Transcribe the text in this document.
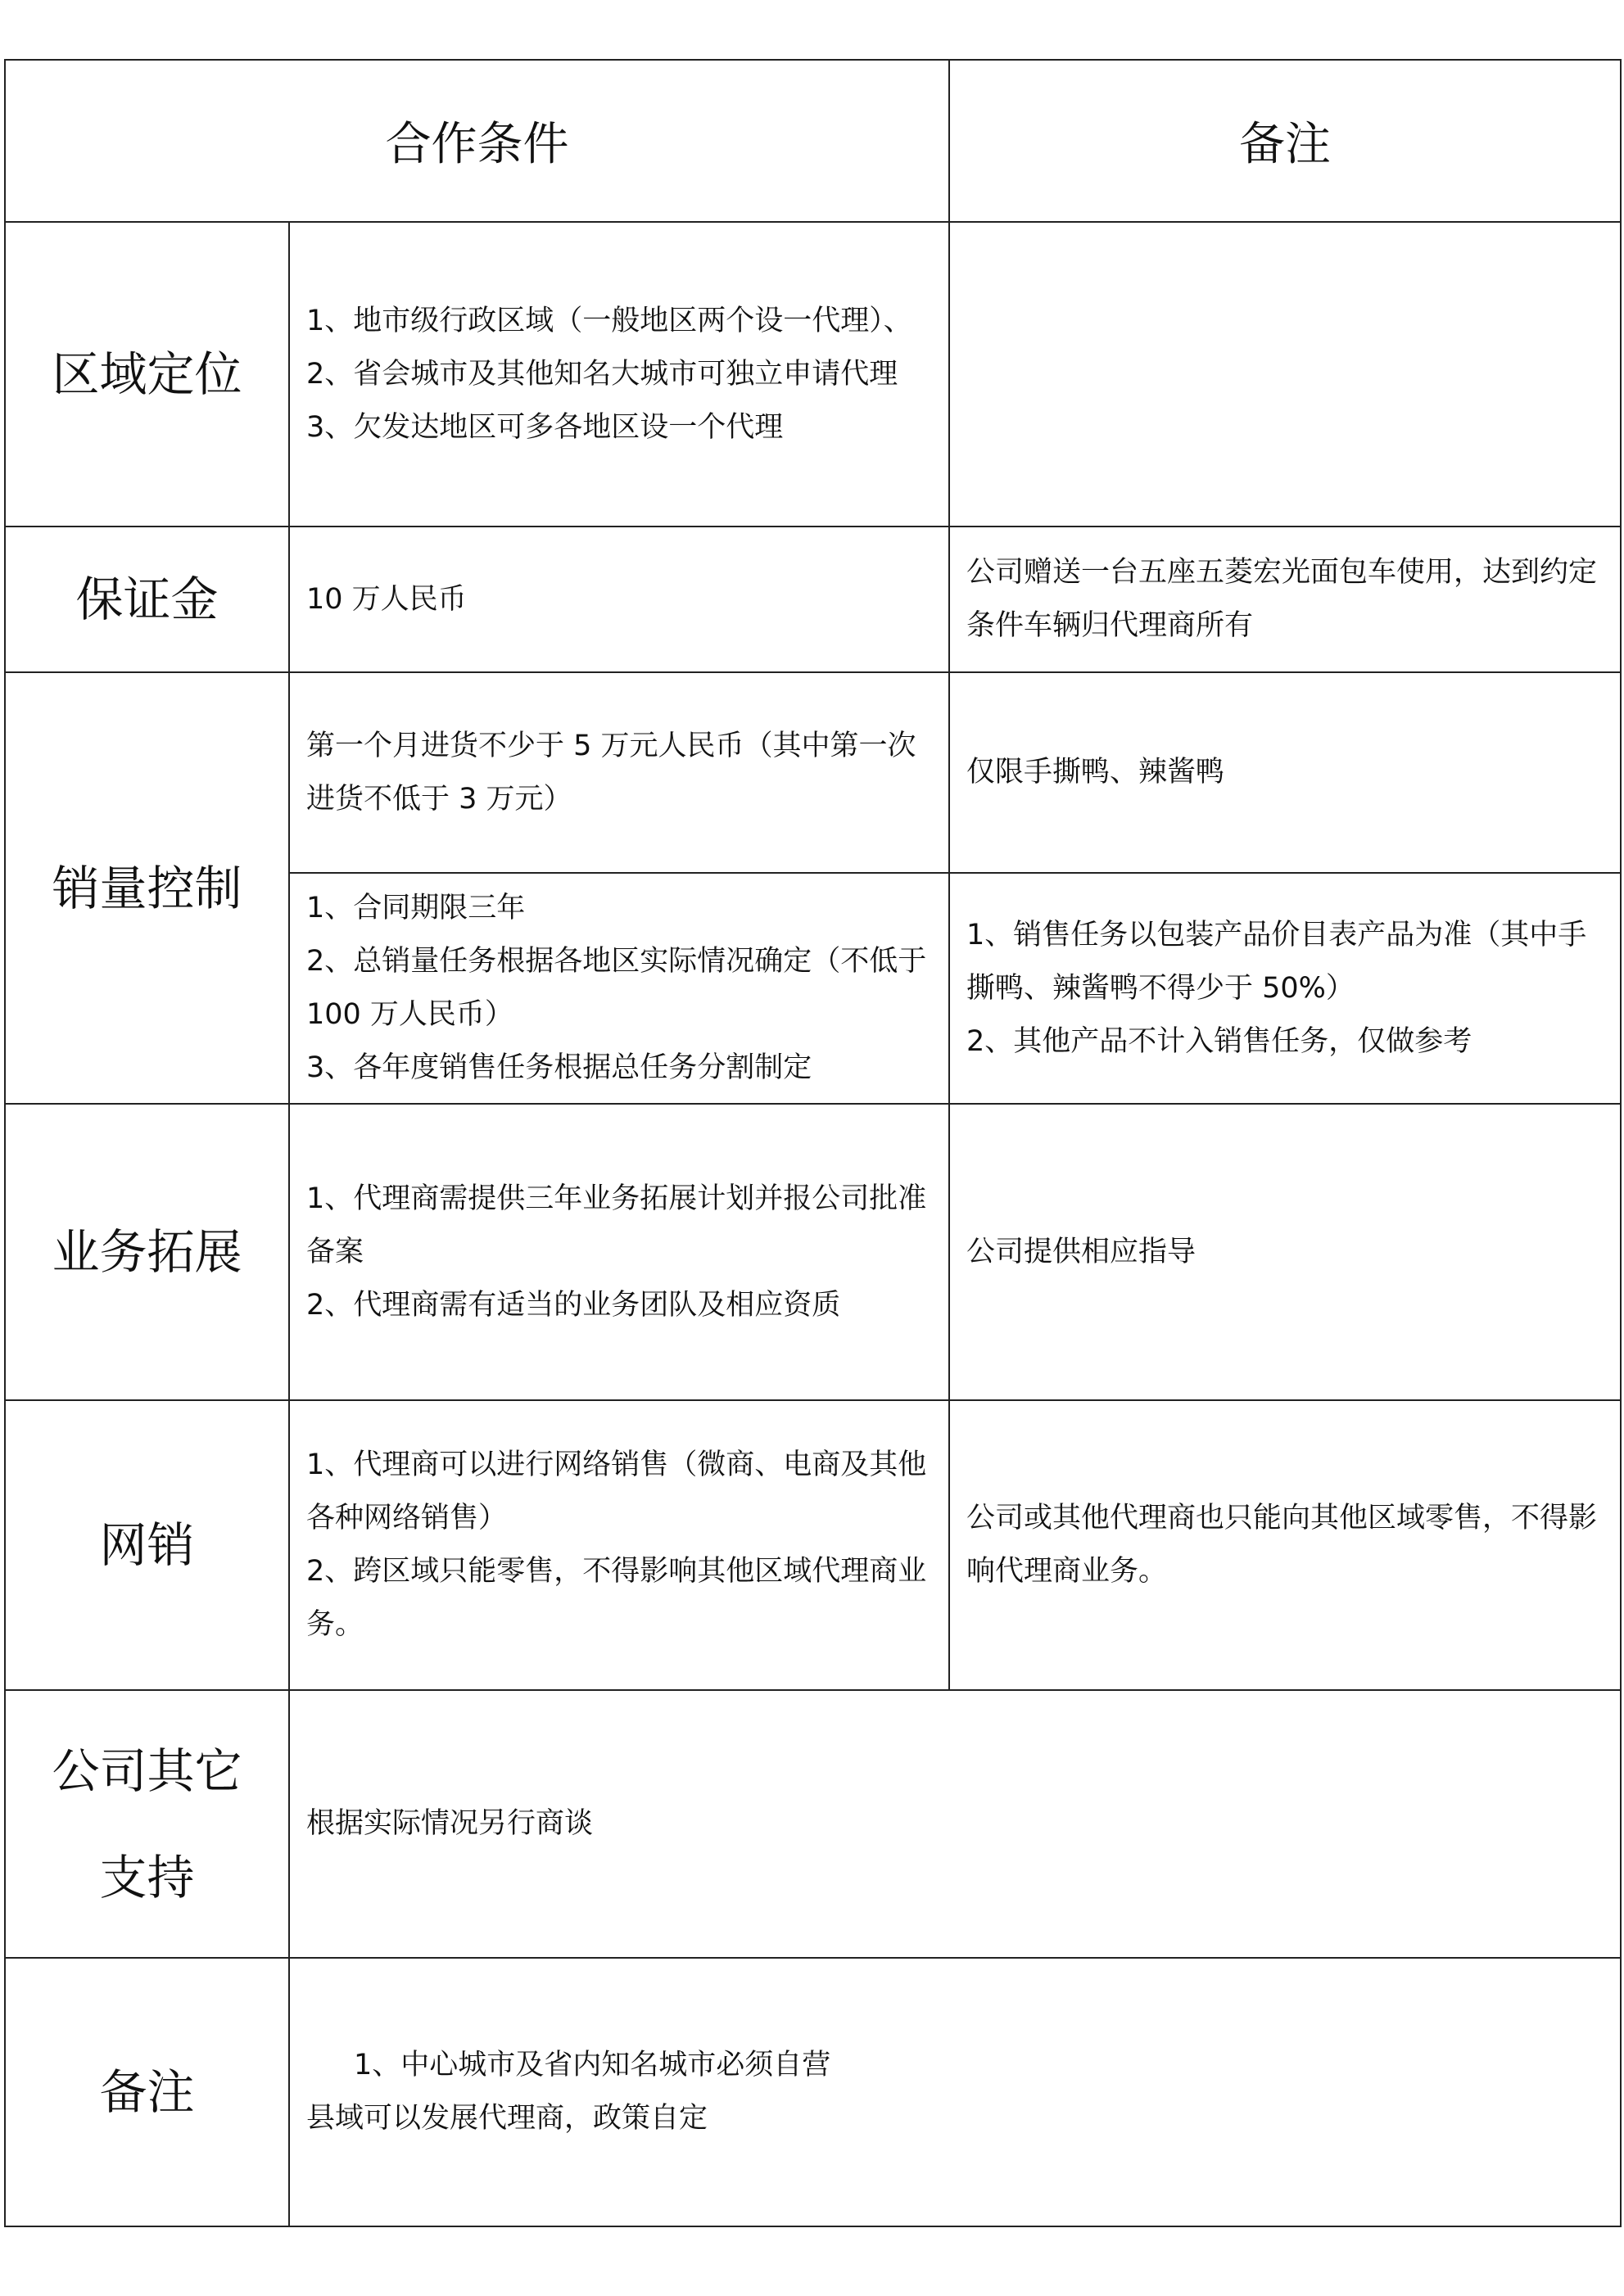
合作条件		备注
区域定位	1、地市级行政区域（一般地区两个设一代理）、
2、省会城市及其他知名大城市可独立申请代理
3、欠发达地区可多各地区设一个代理	

保证金	10 万人民币	公司赠送一台五座五菱宏光面包车使用，达到约定条件车辆归代理商所有
销量控制	第一个月进货不少于 5 万元人民币（其中第一次进货不低于 3 万元）	仅限手撕鸭、辣酱鸭

	1、合同期限三年
2、总销量任务根据各地区实际情况确定（不低于 100 万人民币）
3、各年度销售任务根据总任务分割制定	1、销售任务以包装产品价目表产品为准（其中手撕鸭、辣酱鸭不得少于 50%）
2、其他产品不计入销售任务，仅做参考

业务拓展	1、代理商需提供三年业务拓展计划并报公司批准备案
2、代理商需有适当的业务团队及相应资质	公司提供相应指导
网销	1、代理商可以进行网络销售（微商、电商及其他各种网络销售）
2、跨区域只能零售，不得影响其他区域代理商业务。	公司或其他代理商也只能向其他区域零售，不得影响代理商业务。

公司其它
支持	根据实际情况另行商谈	
备注	1、中心城市及省内知名城市必须自营
县域可以发展代理商，政策自定	
